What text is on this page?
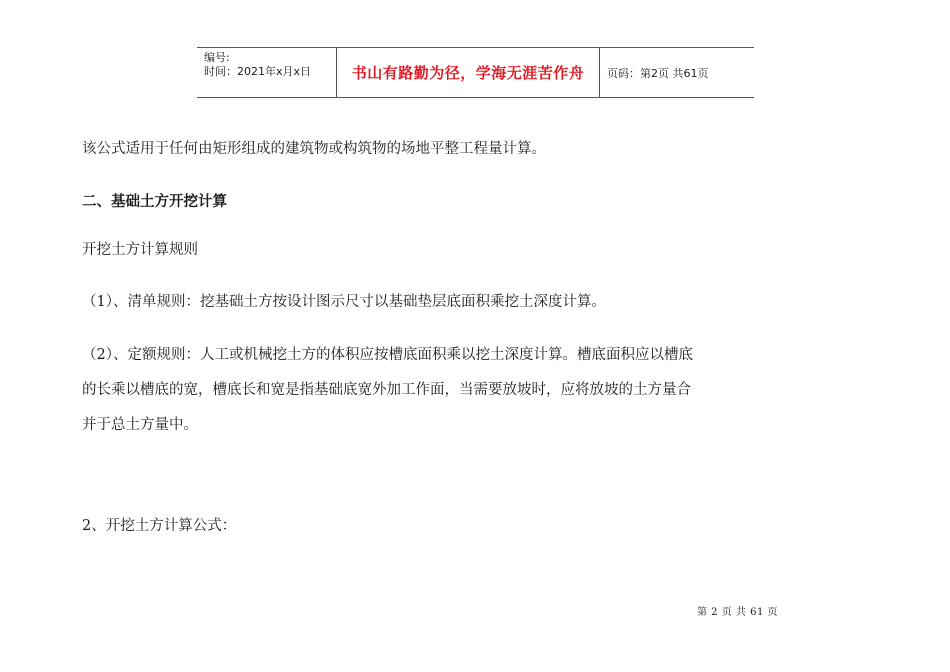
编号:
时间：2021年x月x日	书山有路勤为径，学海无涯苦作舟	页码：第2页 共61页
该公式适用于任何由矩形组成的建筑物或构筑物的场地平整工程量计算。
二、基础土方开挖计算
开挖土方计算规则
（1）、清单规则：挖基础土方按设计图示尺寸以基础垫层底面积乘挖土深度计算。
（2）、定额规则：人工或机械挖土方的体积应按槽底面积乘以挖土深度计算。槽底面积应以槽底
的长乘以槽底的宽，槽底长和宽是指基础底宽外加工作面，当需要放坡时，应将放坡的土方量合
并于总土方量中。
2、开挖土方计算公式：
第 2 页 共 61 页
